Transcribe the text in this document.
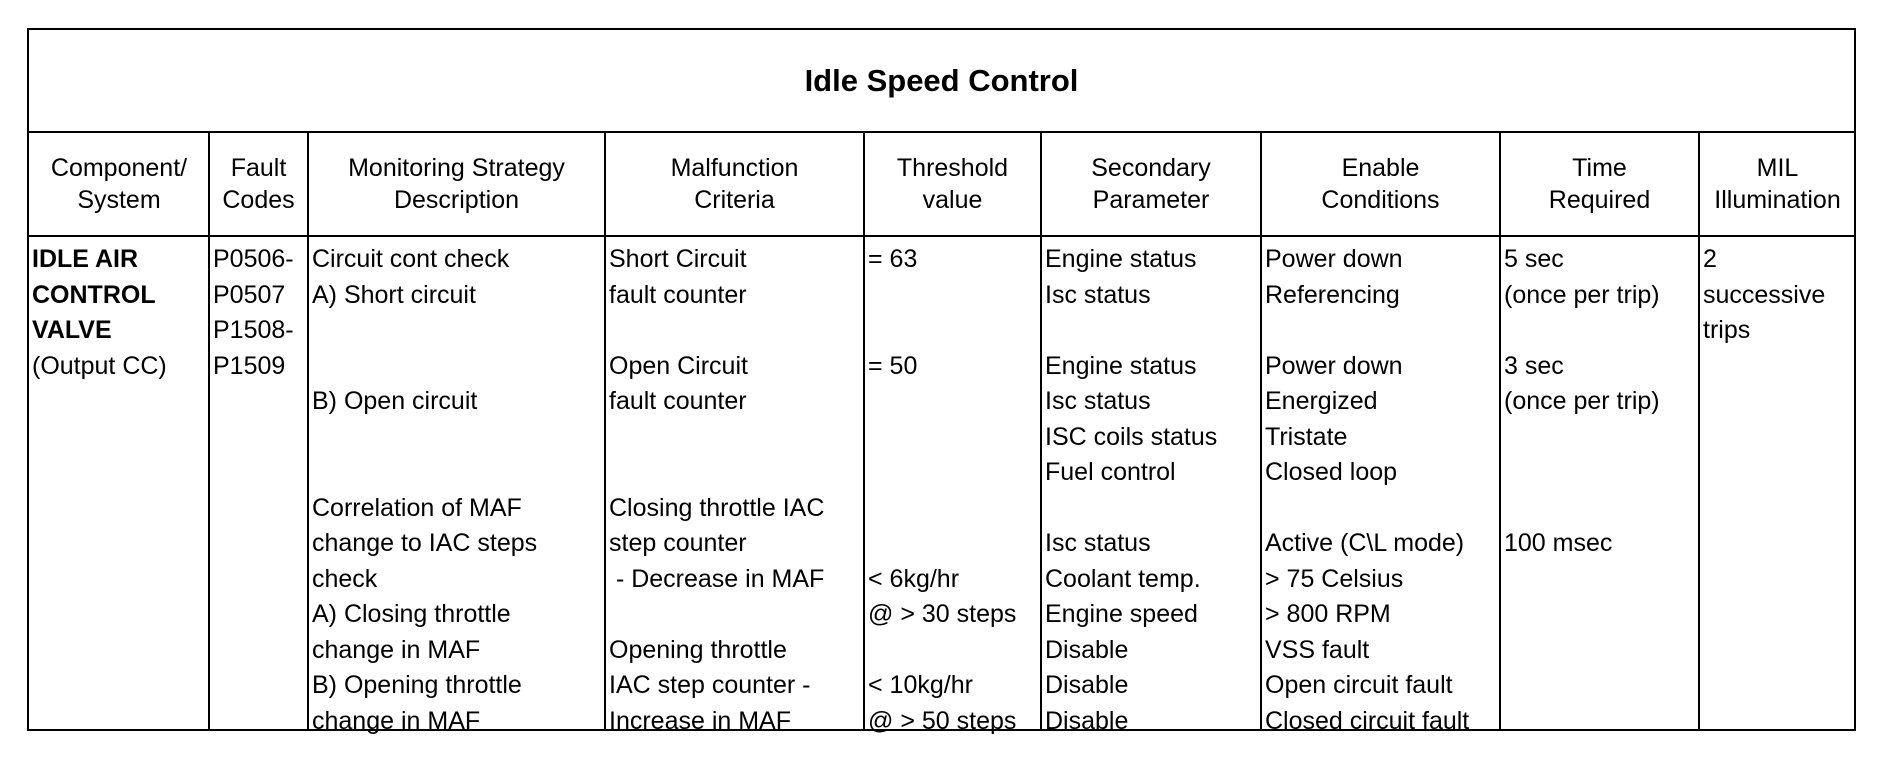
Idle Speed Control
Component/
System
Fault
Codes
Monitoring Strategy
Description
Malfunction
Criteria
Threshold
value
Secondary
Parameter
Enable
Conditions
Time
Required
MIL
Illumination
IDLE AIR
CONTROL
VALVE
(Output CC)
P0506-
P0507
P1508-
P1509
Circuit cont check
A) Short circuit
B) Open circuit
Correlation of MAF
change to IAC steps
check
A) Closing throttle
change in MAF
B) Opening throttle
change in MAF
Short Circuit
fault counter
Open Circuit
fault counter
Closing throttle IAC
step counter
- Decrease in MAF
Opening throttle
IAC step counter -
Increase in MAF
= 63
= 50
< 6kg/hr
@ > 30 steps
< 10kg/hr
@ > 50 steps
Engine status
Isc status
Engine status
Isc status
ISC coils status
Fuel control
Isc status
Coolant temp.
Engine speed
Disable
Disable
Disable
Power down
Referencing
Power down
Energized
Tristate
Closed loop
Active (C\L mode)
> 75 Celsius
> 800 RPM
VSS fault
Open circuit fault
Closed circuit fault
5 sec
(once per trip)
3 sec
(once per trip)
100 msec
2
successive
trips
